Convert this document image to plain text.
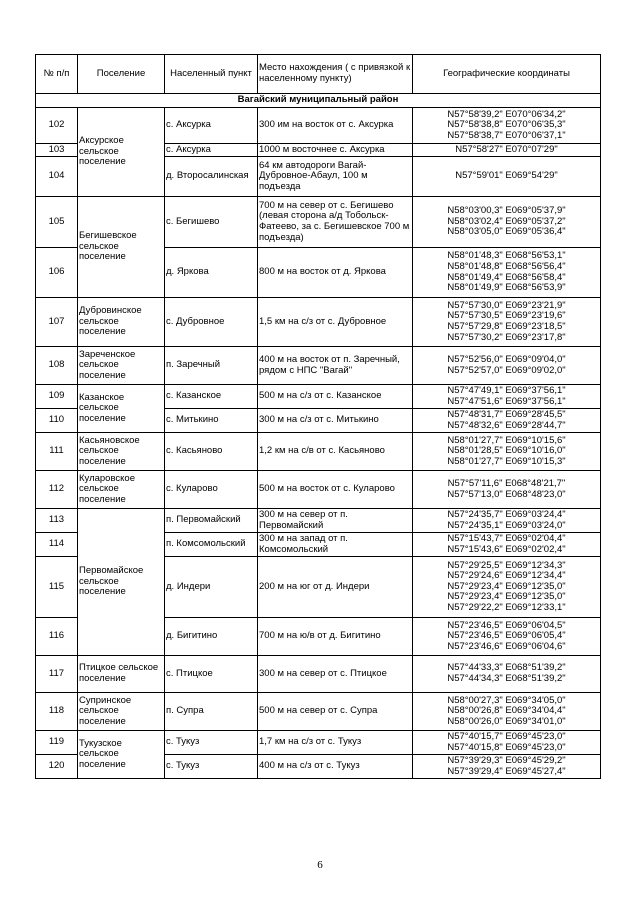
№ п/п	Поселение	Населенный пункт	Место нахождения ( с привязкой к населенному пункту)	Географические координаты
Вагайский муниципальный район				
102	Аксурское сельское поселение	с. Аксурка	300 им на восток от с. Аксурка	N57°58'39,2" E070°06'34,2"
N57°58'38,8" E070°06'35,3"
N57°58'38,7" E070°06'37,1"

103		с. Аксурка	1000 м восточнее с. Аксурка	N57°58'27" E070°07'29"

104		д. Второсалинская	64 км автодороги Вагай-Дубровное-Абаул, 100 м подъезда	N57°59'01" E069°54'29"

105	Бегишевское сельское поселение	с. Бегишево	700 м на север от с. Бегишево (левая сторона а/д Тобольск-Фатеево, за с. Бегишевское 700 м подъезда)	N58°03'00,3" E069°05'37,9"
N58°03'02,4" E069°05'37,2"
N58°03'05,0" E069°05'36,4"

106		д. Яркова	800 м на восток от д. Яркова	N58°01'48,3" E068°56'53,1"
N58°01'48,8" E068°56'56,4"
N58°01'49,4" E068°56'58,4"
N58°01'49,9" E068°56'53,9"

107	Дубровинское сельское поселение	с. Дубровное	1,5 км на с/з от с. Дубровное	N57°57'30,0" E069°23'21,9"
N57°57'30,5" E069°23'19,6"
N57°57'29,8" E069°23'18,5"
N57°57'30,2" E069°23'17,8"

108	Зареченское сельское поселение	п. Заречный	400 м на восток от п. Заречный, рядом с НПС "Вагай"	N57°52'56,0" E069°09'04,0"
N57°52'57,0" E069°09'02,0"

109	Казанское сельское поселение	с. Казанское	500 м на с/з от с. Казанское	N57°47'49,1" E069°37'56,1"
N57°47'51,6" E069°37'56,1"

110		с. Митькино	300 м на с/з от с. Митькино	N57°48'31,7" E069°28'45,5"
N57°48'32,6" E069°28'44,7"

111	Касьяновское сельское поселение	с. Касьяново	1,2 км на с/в от с. Касьяново	N58°01'27,7" E069°10'15,6"
N58°01'28,5" E069°10'16,0"
N58°01'27,7" E069°10'15,3"

112	Куларовское сельское поселение	с. Куларово	500 м на восток от с. Куларово	N57°57'11,6" E068°48'21,7"
N57°57'13,0" E068°48'23,0"

113	Первомайское сельское поселение	п. Первомайский	300 м на север от п. Первомайский	N57°24'35,7" E069°03'24,4"
N57°24'35,1" E069°03'24,0"

114		п. Комсомольский	300 м на запад от п. Комсомольский	N57°15'43,7" E069°02'04,4"
N57°15'43,6" E069°02'02,4"

115		д. Индери	200 м на юг от д. Индери	N57°29'25,5" E069°12'34,3"
N57°29'24,6" E069°12'34,4"
N57°29'23,4" E069°12'35,0"
N57°29'23,4" E069°12'35,0"
N57°29'22,2" E069°12'33,1"

116		д. Бигитино	700 м на ю/в от д. Бигитино	N57°23'46,5" E069°06'04,5"
N57°23'46,5" E069°06'05,4"
N57°23'46,6" E069°06'04,6"

117	Птицкое сельское поселение	с. Птицкое	300 м на север от с. Птицкое	N57°44'33,3" E068°51'39,2"
N57°44'34,3" E068°51'39,2"

118	Супринское сельское поселение	п. Супра	500 м на север от с. Супра	N58°00'27,3" E069°34'05,0"
N58°00'26,8" E069°34'04,4"
N58°00'26,0" E069°34'01,0"

119	Тукузское сельское поселение	с. Тукуз	1,7 км на с/з от с. Тукуз	N57°40'15,7" E069°45'23,0"
N57°40'15,8" E069°45'23,0"

120		с. Тукуз	400 м на с/з от с. Тукуз	N57°39'29,3" E069°45'29,2"
N57°39'29,4" E069°45'27,4"
6
